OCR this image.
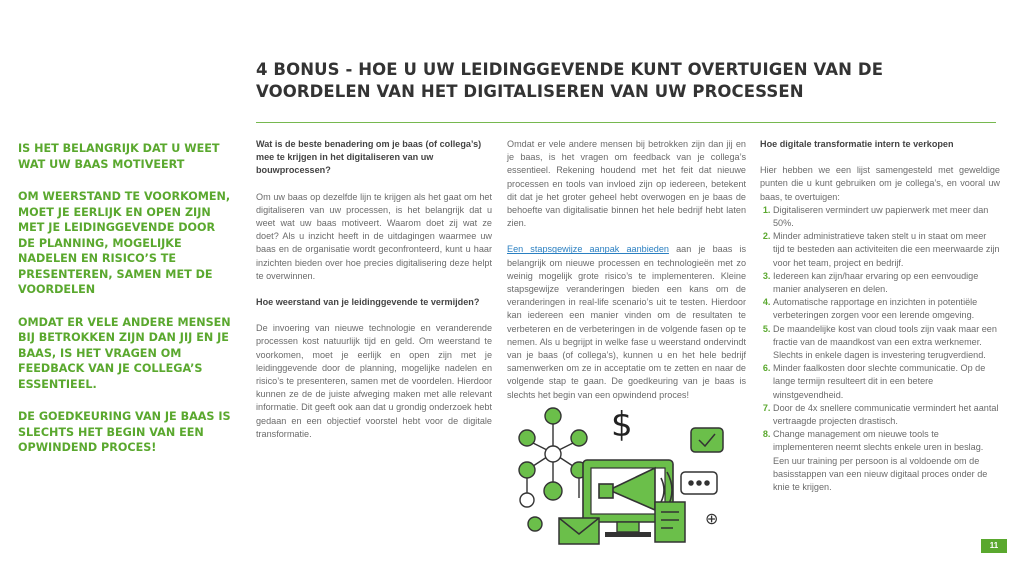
4 BONUS - HOE U UW LEIDINGGEVENDE KUNT OVERTUIGEN VAN DE VOORDELEN VAN HET DIGITALISEREN VAN UW PROCESSEN

IS HET BELANGRIJK DAT U WEET WAT UW BAAS MOTIVEERT

OM WEERSTAND TE VOORKOMEN, MOET JE EERLIJK EN OPEN ZIJN MET JE LEIDINGGEVENDE DOOR DE PLANNING, MOGELIJKE NADELEN EN RISICO’S TE PRESENTEREN, SAMEN MET DE VOORDELEN

OMDAT ER VELE ANDERE MENSEN BIJ BETROKKEN ZIJN DAN JIJ EN JE BAAS, IS HET VRAGEN OM FEEDBACK VAN JE COLLEGA’S ESSENTIEEL.

DE GOEDKEURING VAN JE BAAS IS SLECHTS HET BEGIN VAN EEN OPWINDEND PROCES!

Wat is de beste benadering om je baas (of collega’s) mee te krijgen in het digitaliseren van uw bouwprocessen?

Om uw baas op dezelfde lijn te krijgen als het gaat om het digitaliseren van uw processen, is het belangrijk dat u weet wat uw baas motiveert. Waarom doet zij wat ze doet? Als u inzicht heeft in de uitdagingen waarmee uw baas en de organisatie wordt geconfronteerd, kunt u haar inzichten bieden over hoe precies digitalisering deze helpt te overwinnen.

Hoe weerstand van je leidinggevende te vermijden?

De invoering van nieuwe technologie en veranderende processen kost natuurlijk tijd en geld. Om weerstand te voorkomen, moet je eerlijk en open zijn met je leidinggevende door de planning, mogelijke nadelen en risico’s te presenteren, samen met de voordelen. Hierdoor kunnen ze de de juiste afweging maken met alle relevant informatie. Dit geeft ook aan dat u grondig onderzoek hebt gedaan en een objectief voorstel hebt voor de digitale transformatie.

Omdat er vele andere mensen bij betrokken zijn dan jij en je baas, is het vragen om feedback van je collega’s essentieel. Rekening houdend met het feit dat nieuwe processen en tools van invloed zijn op iedereen, betekent dit dat je het groter geheel hebt overwogen en je baas de behoefte van digitalisatie binnen het hele bedrijf hebt laten zien.

Een stapsgewijze aanpak aanbieden aan je baas is belangrijk om nieuwe processen en technologieën met zo weinig mogelijk grote risico’s te implementeren. Kleine stapsgewijze veranderingen bieden een kans om de veranderingen in real-life scenario’s uit te testen. Hierdoor kan iedereen een manier vinden om de resultaten te verbeteren en de verbeteringen in de volgende fasen op te nemen. Als u begrijpt in welke fase u weerstand ondervindt van je baas (of collega’s), kunnen u en het hele bedrijf samenwerken om ze in acceptatie om te zetten en naar de volgende stap te gaan. De goedkeuring van je baas is slechts het begin van een opwindend proces!

Hoe digitale transformatie intern te verkopen

Hier hebben we een lijst samengesteld met geweldige punten die u kunt gebruiken om je collega’s, en vooral uw baas, te overtuigen:

1. Digitaliseren vermindert uw papierwerk met meer dan 50%.
2. Minder administratieve taken stelt u in staat om meer tijd te besteden aan activiteiten die een meerwaarde zijn voor het team, project en bedrijf.
3. Iedereen kan zijn/haar ervaring op een eenvoudige manier analyseren en delen.
4. Automatische rapportage en inzichten in potentiële verbeteringen zorgen voor een lerende omgeving.
5. De maandelijke kost van cloud tools zijn vaak maar een fractie van de maandkost van een extra werknemer. Slechts in enkele dagen is investering terugverdiend.
6. Minder faalkosten door slechte communicatie. Op de lange termijn resulteert dit in een betere winstgevendheid.
7. Door de 4x snellere communicatie vermindert het aantal vertraagde projecten drastisch.
8. Change management om nieuwe tools te implementeren neemt slechts enkele uren in beslag. Een uur training per persoon is al voldoende om de basisstappen van een nieuw digitaal proces onder de knie te krijgen.
$
⊕
11
